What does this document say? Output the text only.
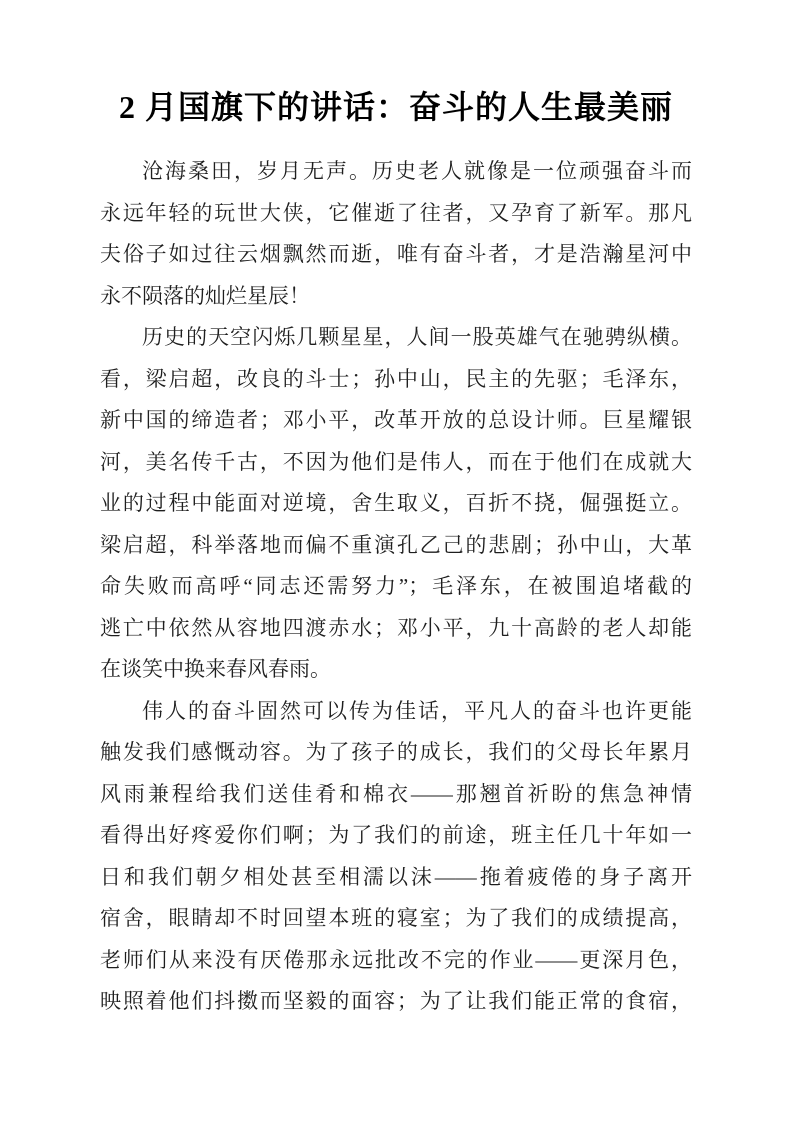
2 月国旗下的讲话：奋斗的人生最美丽
沧海桑田，岁月无声。历史老人就像是一位顽强奋斗而
永远年轻的玩世大侠，它催逝了往者，又孕育了新军。那凡
夫俗子如过往云烟飘然而逝，唯有奋斗者，才是浩瀚星河中
永不陨落的灿烂星辰！
历史的天空闪烁几颗星星，人间一股英雄气在驰骋纵横。
看，梁启超，改良的斗士；孙中山，民主的先驱；毛泽东，
新中国的缔造者；邓小平，改革开放的总设计师。巨星耀银
河，美名传千古，不因为他们是伟人，而在于他们在成就大
业的过程中能面对逆境，舍生取义，百折不挠，倔强挺立。
梁启超，科举落地而偏不重演孔乙己的悲剧；孙中山，大革
命失败而高呼“同志还需努力”；毛泽东，在被围追堵截的
逃亡中依然从容地四渡赤水；邓小平，九十高龄的老人却能
在谈笑中换来春风春雨。
伟人的奋斗固然可以传为佳话，平凡人的奋斗也许更能
触发我们感慨动容。为了孩子的成长，我们的父母长年累月
风雨兼程给我们送佳肴和棉衣——那翘首祈盼的焦急神情
看得出好疼爱你们啊；为了我们的前途，班主任几十年如一
日和我们朝夕相处甚至相濡以沫——拖着疲倦的身子离开
宿舍，眼睛却不时回望本班的寝室；为了我们的成绩提高，
老师们从来没有厌倦那永远批改不完的作业——更深月色，
映照着他们抖擞而坚毅的面容；为了让我们能正常的食宿，
